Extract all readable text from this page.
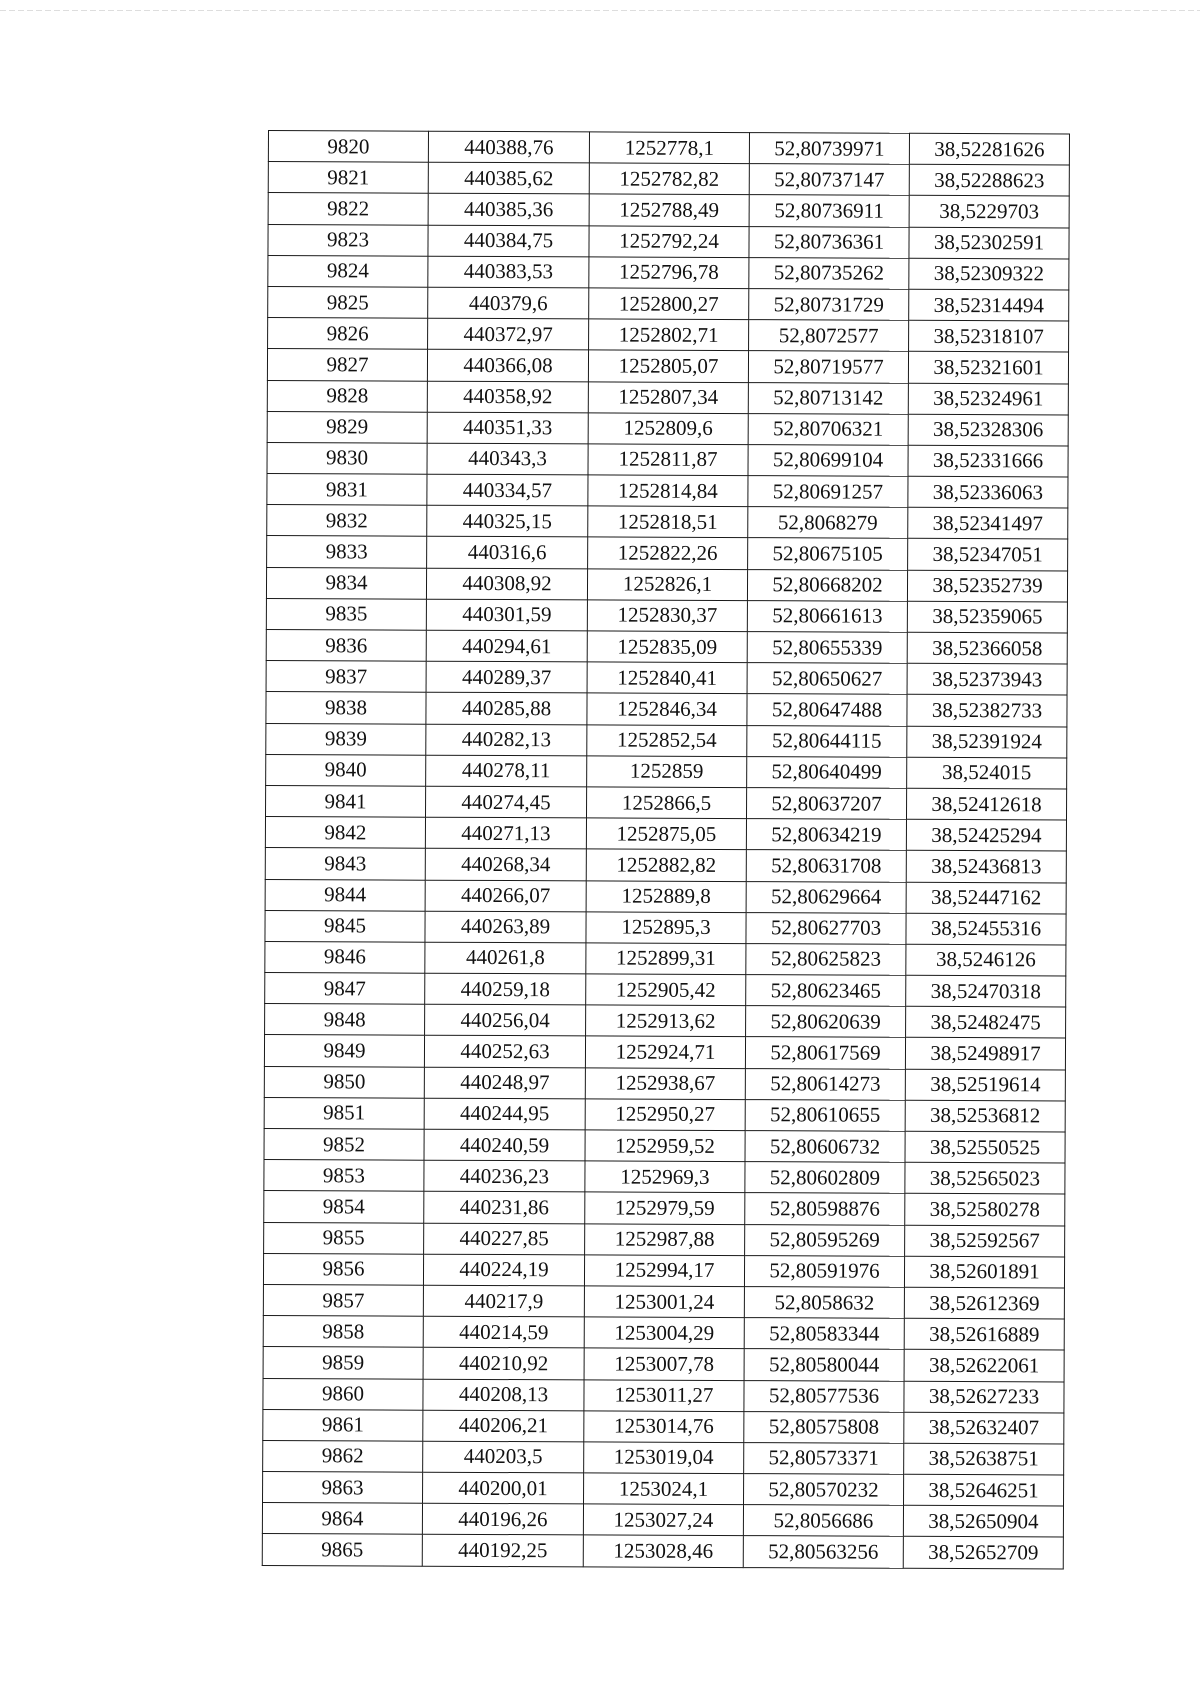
9820	440388,76	1252778,1	52,80739971	38,52281626
9821	440385,62	1252782,82	52,80737147	38,52288623
9822	440385,36	1252788,49	52,80736911	38,5229703
9823	440384,75	1252792,24	52,80736361	38,52302591
9824	440383,53	1252796,78	52,80735262	38,52309322
9825	440379,6	1252800,27	52,80731729	38,52314494
9826	440372,97	1252802,71	52,8072577	38,52318107
9827	440366,08	1252805,07	52,80719577	38,52321601
9828	440358,92	1252807,34	52,80713142	38,52324961
9829	440351,33	1252809,6	52,80706321	38,52328306
9830	440343,3	1252811,87	52,80699104	38,52331666
9831	440334,57	1252814,84	52,80691257	38,52336063
9832	440325,15	1252818,51	52,8068279	38,52341497
9833	440316,6	1252822,26	52,80675105	38,52347051
9834	440308,92	1252826,1	52,80668202	38,52352739
9835	440301,59	1252830,37	52,80661613	38,52359065
9836	440294,61	1252835,09	52,80655339	38,52366058
9837	440289,37	1252840,41	52,80650627	38,52373943
9838	440285,88	1252846,34	52,80647488	38,52382733
9839	440282,13	1252852,54	52,80644115	38,52391924
9840	440278,11	1252859	52,80640499	38,524015
9841	440274,45	1252866,5	52,80637207	38,52412618
9842	440271,13	1252875,05	52,80634219	38,52425294
9843	440268,34	1252882,82	52,80631708	38,52436813
9844	440266,07	1252889,8	52,80629664	38,52447162
9845	440263,89	1252895,3	52,80627703	38,52455316
9846	440261,8	1252899,31	52,80625823	38,5246126
9847	440259,18	1252905,42	52,80623465	38,52470318
9848	440256,04	1252913,62	52,80620639	38,52482475
9849	440252,63	1252924,71	52,80617569	38,52498917
9850	440248,97	1252938,67	52,80614273	38,52519614
9851	440244,95	1252950,27	52,80610655	38,52536812
9852	440240,59	1252959,52	52,80606732	38,52550525
9853	440236,23	1252969,3	52,80602809	38,52565023
9854	440231,86	1252979,59	52,80598876	38,52580278
9855	440227,85	1252987,88	52,80595269	38,52592567
9856	440224,19	1252994,17	52,80591976	38,52601891
9857	440217,9	1253001,24	52,8058632	38,52612369
9858	440214,59	1253004,29	52,80583344	38,52616889
9859	440210,92	1253007,78	52,80580044	38,52622061
9860	440208,13	1253011,27	52,80577536	38,52627233
9861	440206,21	1253014,76	52,80575808	38,52632407
9862	440203,5	1253019,04	52,80573371	38,52638751
9863	440200,01	1253024,1	52,80570232	38,52646251
9864	440196,26	1253027,24	52,8056686	38,52650904
9865	440192,25	1253028,46	52,80563256	38,52652709
